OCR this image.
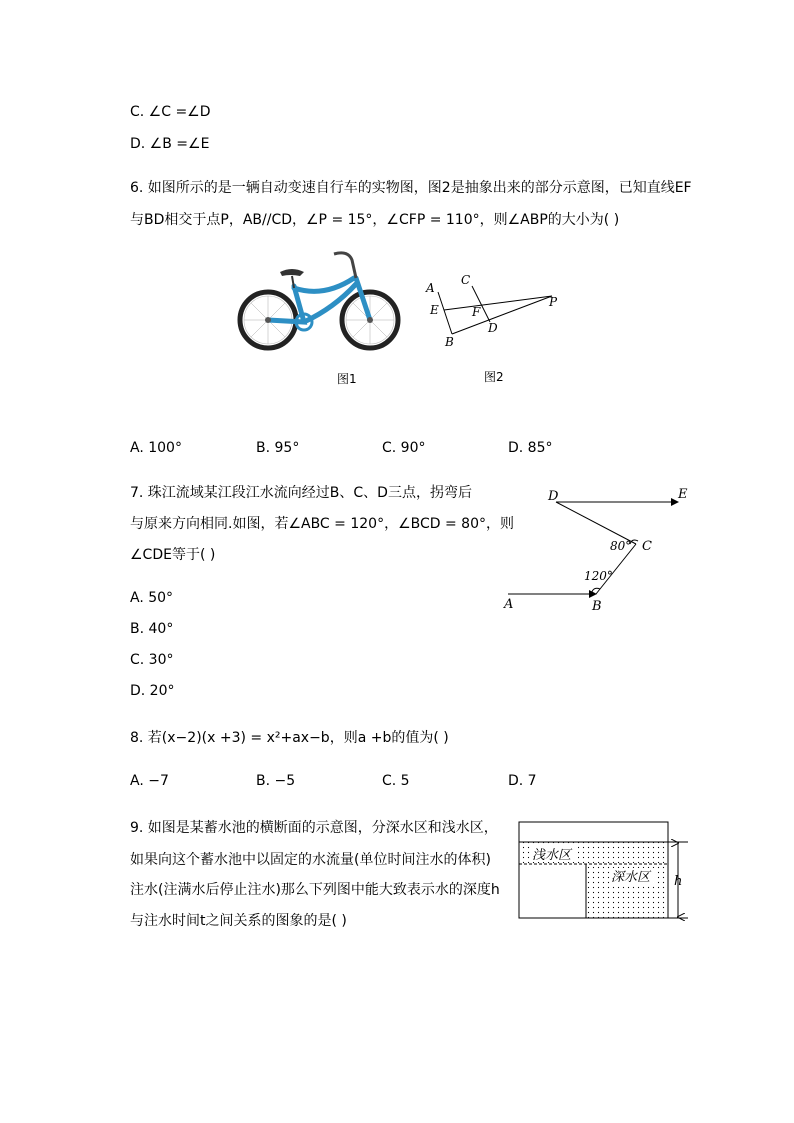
C. ∠C =∠D
D. ∠B =∠E
6. 如图所示的是一辆自动变速自行车的实物图，图2是抽象出来的部分示意图，已知直线EF
与BD相交于点P，AB//CD，∠P = 15°，∠CFP = 110°，则∠ABP的大小为( )
图1
A
C
E	F
D
P
B
图2
A. 100°	B. 95°	C. 90°	D. 85°
7. 珠江流域某江段江水流向经过B、C、D三点，拐弯后
与原来方向相同.如图，若∠ABC = 120°，∠BCD = 80°，则
∠CDE等于( )
A. 50°
B. 40°
C. 30°
D. 20°
D	E
C
A	B
80°
120°
8. 若(x−2)(x +3) = x²+ax−b，则a +b的值为( )
A. −7	B. −5	C. 5	D. 7
9. 如图是某蓄水池的横断面的示意图，分深水区和浅水区，
如果向这个蓄水池中以固定的水流量(单位时间注水的体积)
注水(注满水后停止注水)那么下列图中能大致表示水的深度h
与注水时间t之间关系的图象的是( )
浅水区
深水区 h
